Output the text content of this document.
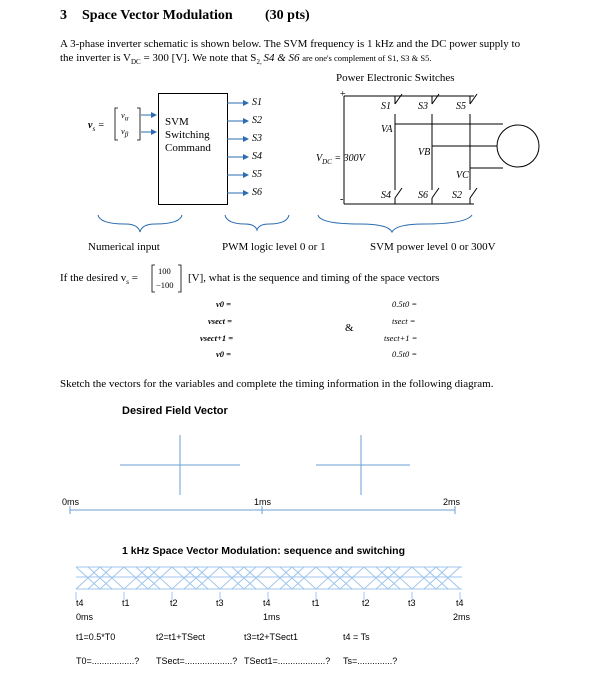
3 Space Vector Modulation (30 pts)
A 3-phase inverter schematic is shown below. The SVM frequency is 1 kHz and the DC power supply to
the inverter is $V_{DC} = 300$ [V]. We note that $S_{2,}$ S4 & S6 are one's complement of S1, S3 & S5.
Power Electronic Switches
$v_s$ =
$v_\alpha$
$v_\beta$
SVM
Switching
Command
S1
S2
S3
S4
S5
S6
+
-
$V_{DC} = 300V$
S1	S3	S5
S4	S6 S2
VA
VB
VC
Numerical input	PWM logic level 0 or 1	SVM power level 0 or 300V
If the desired $v_s$ =
100
−100
[V], what is the sequence and timing of the space vectors
v0 =
vsect =
vsect+1 =
v0 =
&
0.5t0 =
tsect =
tsect+1 =
0.5t0 =
Sketch the vectors for the variables and complete the timing information in the following diagram.
Desired Field Vector
0ms	1ms	2ms
1 kHz Space Vector Modulation: sequence and switching
t4	t1	t2	t3	t4	t1	t2	t3	t4
0ms	1ms	2ms
t1=0.5*T0	t2=t1+TSect	t3=t2+TSect1	t4 = Ts
T0=.................? TSect=...................? TSect1=...................? Ts=..............?
